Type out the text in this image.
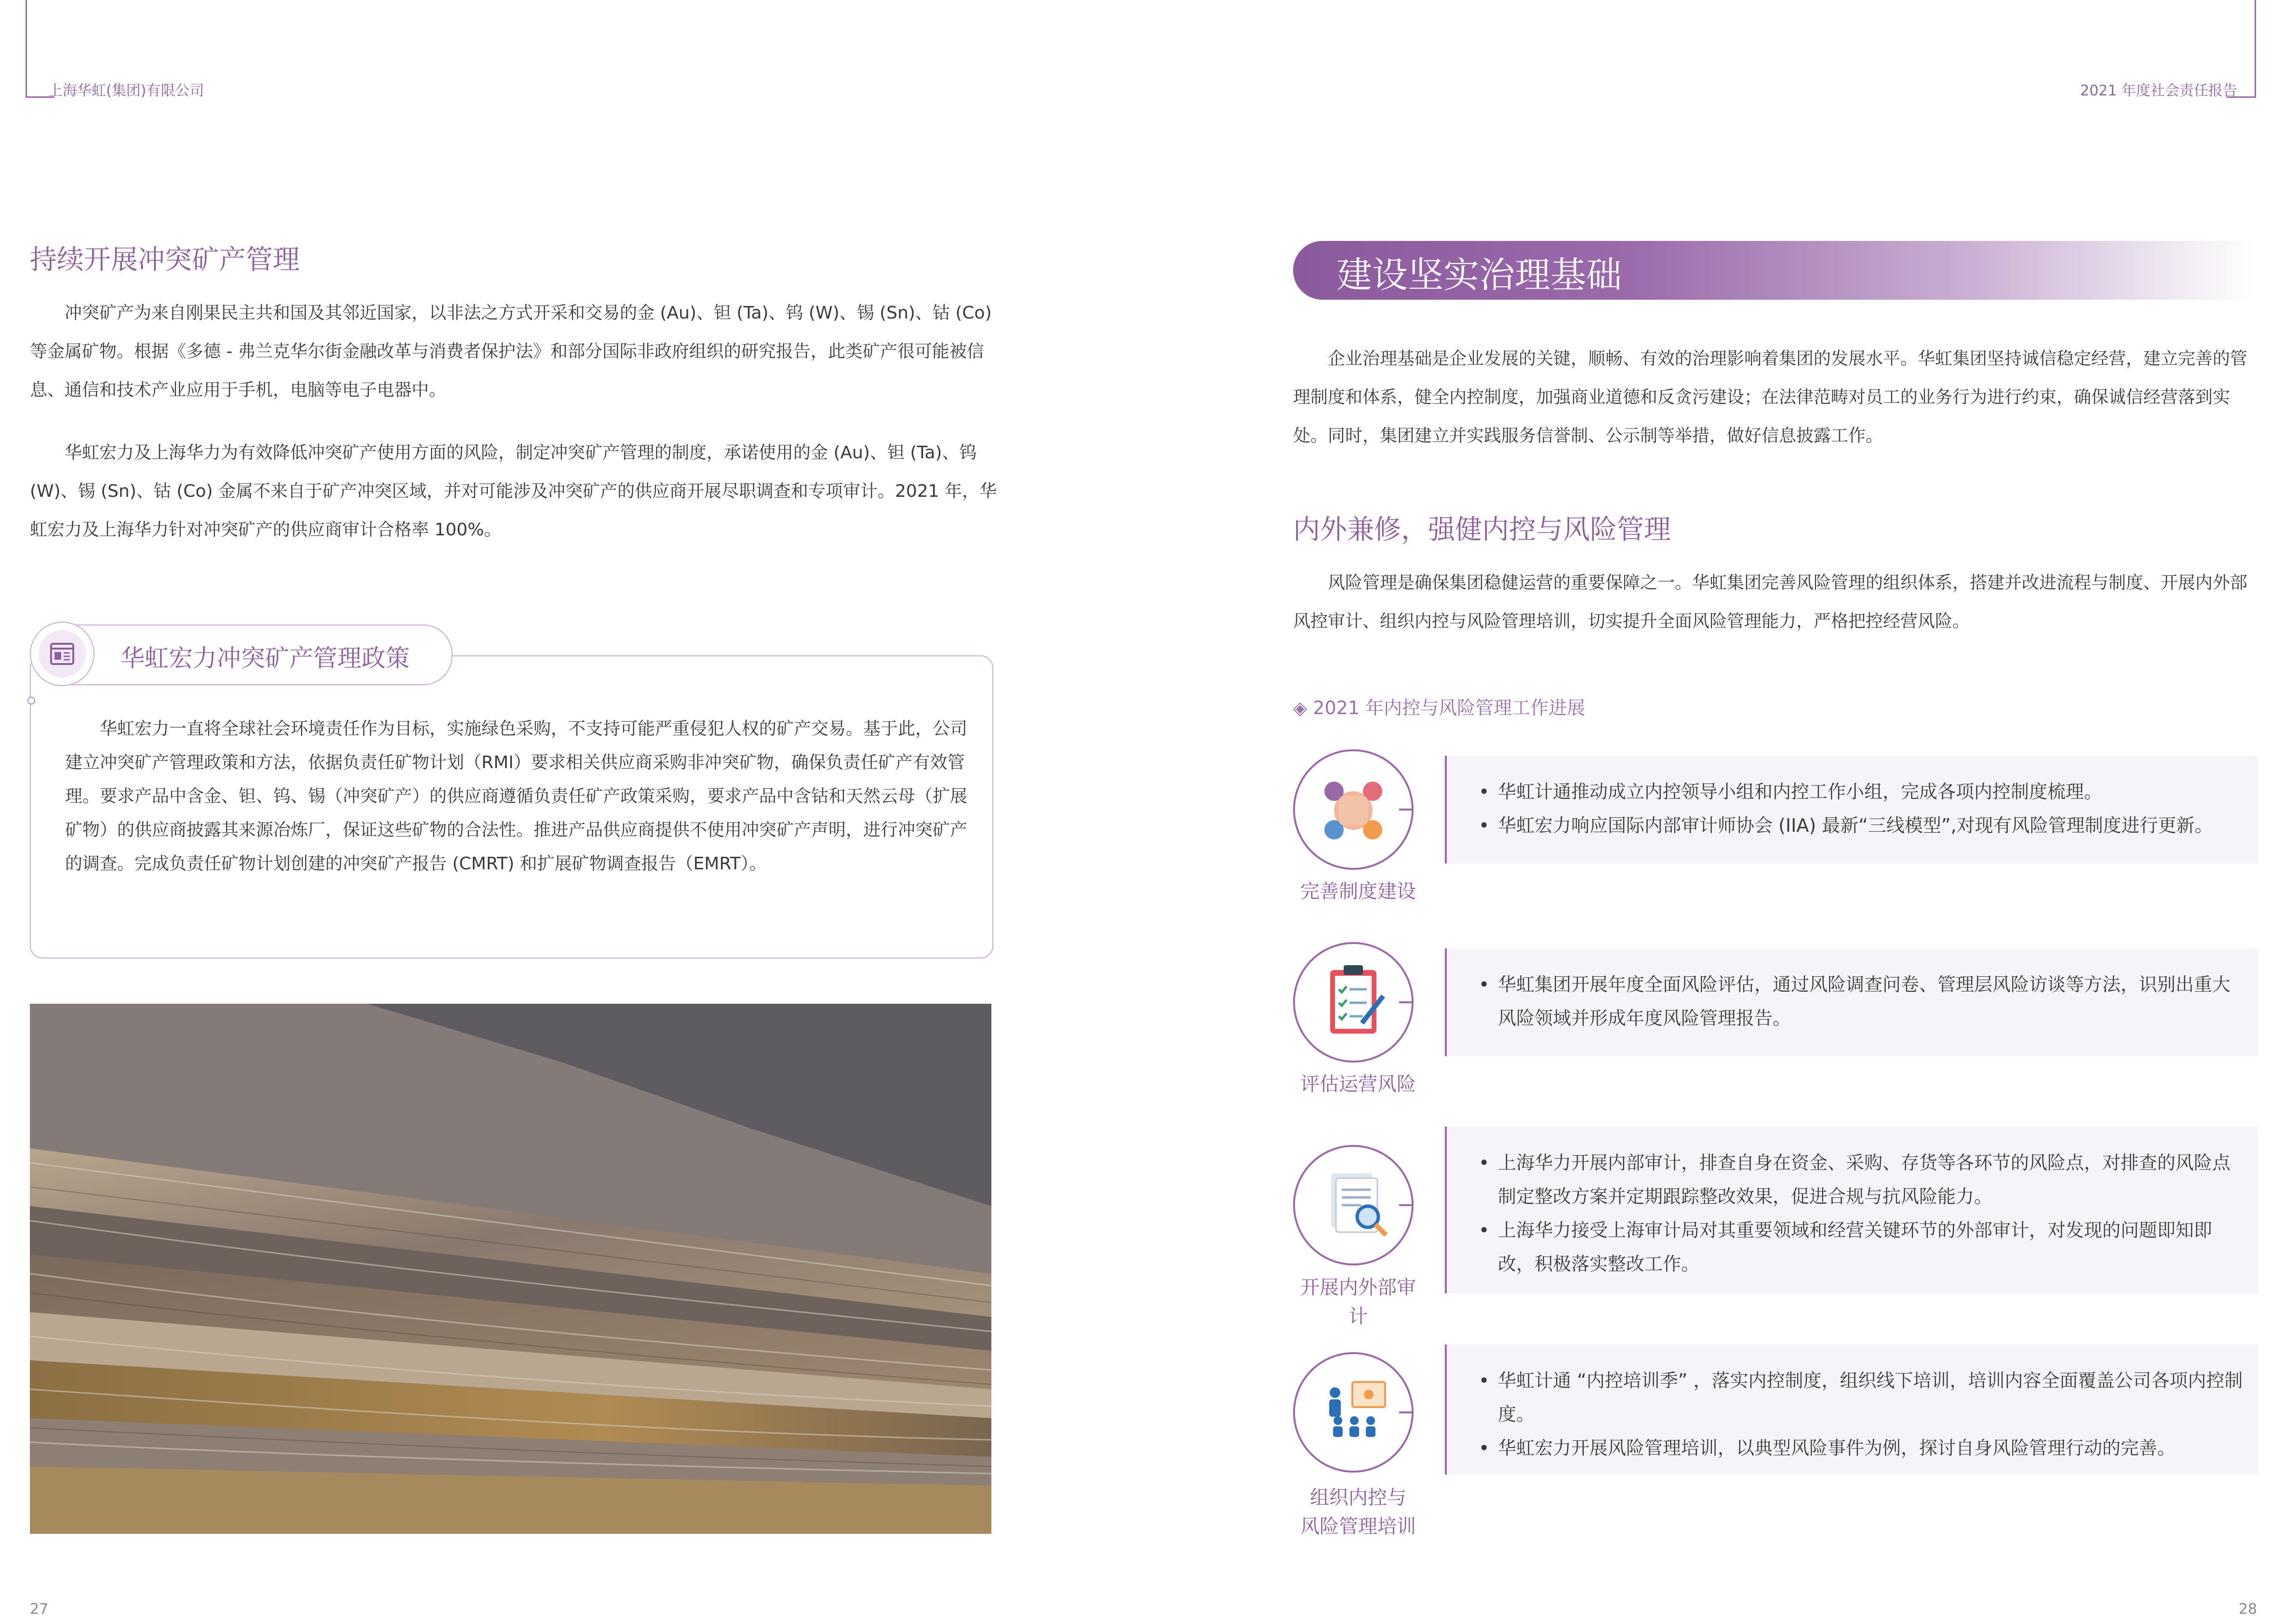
上海华虹(集团)有限公司	2021 年度社会责任报告
持续开展冲突矿产管理

冲突矿产为来自刚果民主共和国及其邻近国家，以非法之方式开采和交易的金 (Au)、钽 (Ta)、钨 (W)、锡 (Sn)、钴 (Co) 等金属矿物。根据《多德 - 弗兰克华尔街金融改革与消费者保护法》和部分国际非政府组织的研究报告，此类矿产很可能被信息、通信和技术产业应用于手机，电脑等电子电器中。

华虹宏力及上海华力为有效降低冲突矿产使用方面的风险，制定冲突矿产管理的制度，承诺使用的金 (Au)、钽 (Ta)、钨 (W)、锡 (Sn)、钴 (Co) 金属不来自于矿产冲突区域，并对可能涉及冲突矿产的供应商开展尽职调查和专项审计。2021 年，华虹宏力及上海华力针对冲突矿产的供应商审计合格率 100%。

华虹宏力冲突矿产管理政策

华虹宏力一直将全球社会环境责任作为目标，实施绿色采购，不支持可能严重侵犯人权的矿产交易。基于此，公司建立冲突矿产管理政策和方法，依据负责任矿物计划（RMI）要求相关供应商采购非冲突矿物，确保负责任矿产有效管理。要求产品中含金、钽、钨、锡（冲突矿产）的供应商遵循负责任矿产政策采购，要求产品中含钴和天然云母（扩展矿物）的供应商披露其来源冶炼厂，保证这些矿物的合法性。推进产品供应商提供不使用冲突矿产声明，进行冲突矿产的调查。完成负责任矿物计划创建的冲突矿产报告 (CMRT) 和扩展矿物调查报告（EMRT）。

27
建设坚实治理基础

企业治理基础是企业发展的关键，顺畅、有效的治理影响着集团的发展水平。华虹集团坚持诚信稳定经营，建立完善的管理制度和体系，健全内控制度，加强商业道德和反贪污建设；在法律范畴对员工的业务行为进行约束，确保诚信经营落到实处。同时，集团建立并实践服务信誉制、公示制等举措，做好信息披露工作。

内外兼修，强健内控与风险管理

风险管理是确保集团稳健运营的重要保障之一。华虹集团完善风险管理的组织体系，搭建并改进流程与制度、开展内外部风控审计、组织内控与风险管理培训，切实提升全面风险管理能力，严格把控经营风险。

◈ 2021 年内控与风险管理工作进展
完善制度建设
• 华虹计通推动成立内控领导小组和内控工作小组，完成各项内控制度梳理。
• 华虹宏力响应国际内部审计师协会 (IIA) 最新“三线模型”,对现有风险管理制度进行更新。
评估运营风险
• 华虹集团开展年度全面风险评估，通过风险调查问卷、管理层风险访谈等方法，识别出重大风险领域并形成年度风险管理报告。
开展内外部审计
• 上海华力开展内部审计，排查自身在资金、采购、存货等各环节的风险点，对排查的风险点制定整改方案并定期跟踪整改效果，促进合规与抗风险能力。
• 上海华力接受上海审计局对其重要领域和经营关键环节的外部审计，对发现的问题即知即改，积极落实整改工作。
组织内控与
风险管理培训
• 华虹计通 “内控培训季” ，落实内控制度，组织线下培训，培训内容全面覆盖公司各项内控制度。
• 华虹宏力开展风险管理培训，以典型风险事件为例，探讨自身风险管理行动的完善。
28
